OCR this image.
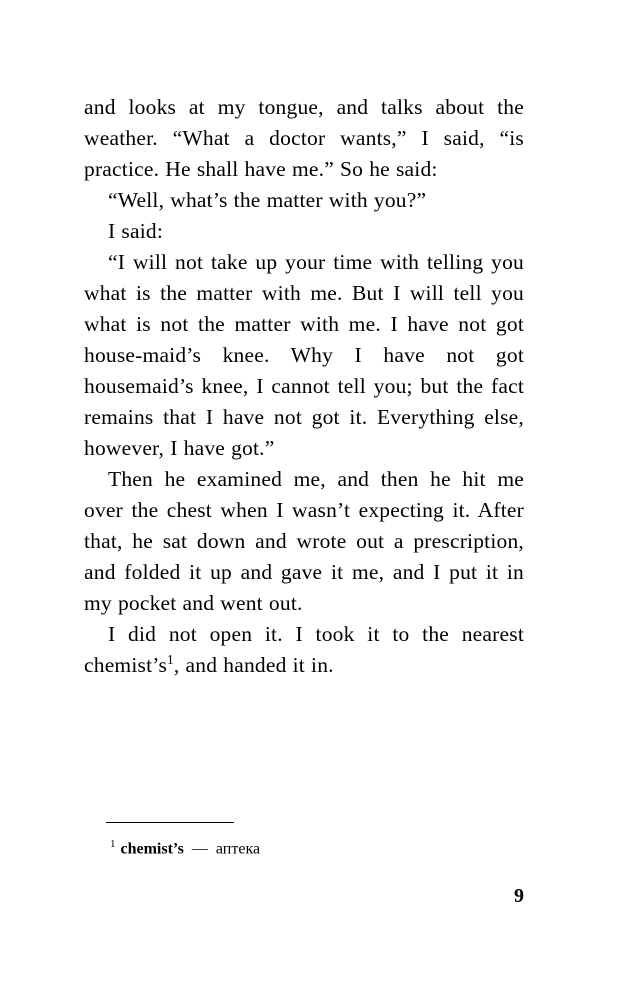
and looks at my tongue, and talks about the weather. “What a doctor wants,” I said, “is practice. He shall have me.” So he said:

“Well, what’s the matter with you?”

I said:

“I will not take up your time with telling you what is the matter with me. But I will tell you what is not the matter with me. I have not got house-maid’s knee. Why I have not got housemaid’s knee, I cannot tell you; but the fact remains that I have not got it. Everything else, however, I have got.”

Then he examined me, and then he hit me over the chest when I wasn’t expecting it. After that, he sat down and wrote out a prescription, and folded it up and gave it me, and I put it in my pocket and went out.

I did not open it. I took it to the nearest chemist’s$^1$, and handed it in.

$^1$ chemist’s — аптека
9
